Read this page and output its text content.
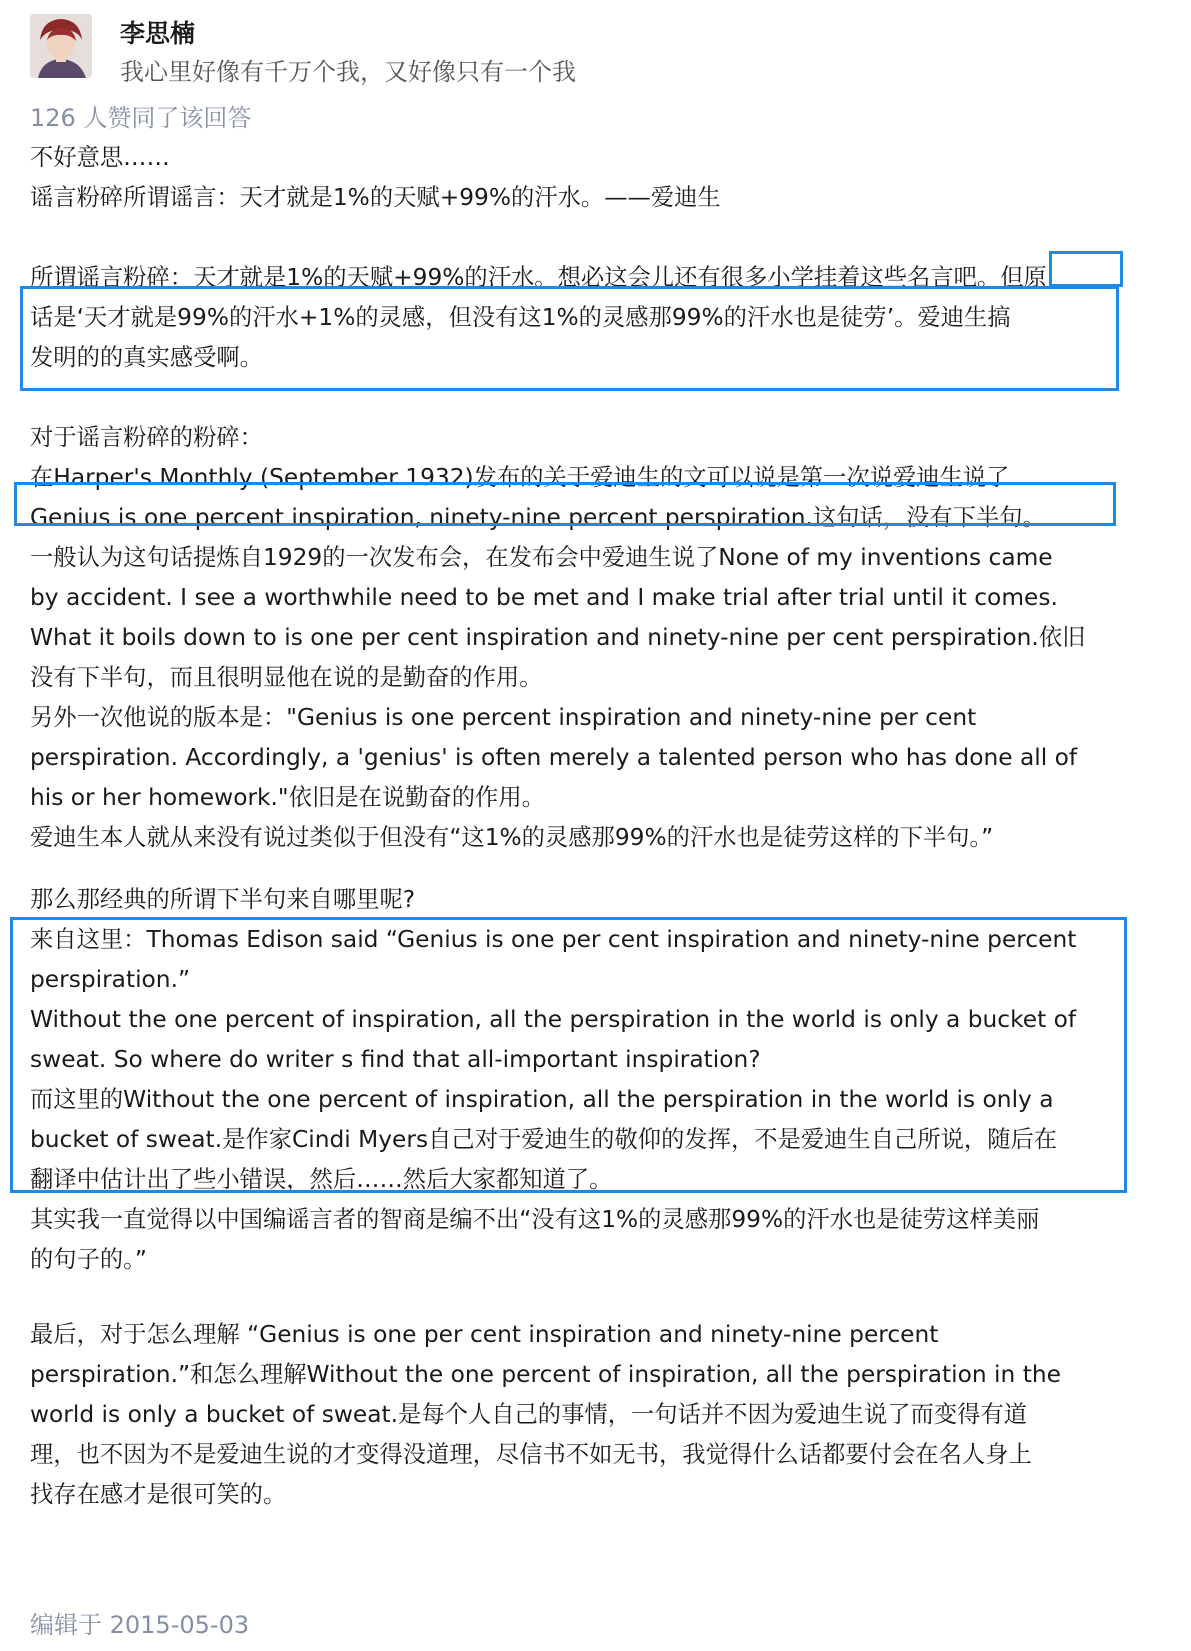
李思楠
我心里好像有千万个我，又好像只有一个我
126 人赞同了该回答
不好意思……
谣言粉碎所谓谣言：天才就是1%的天赋+99%的汗水。——爱迪生
所谓谣言粉碎：天才就是1%的天赋+99%的汗水。想必这会儿还有很多小学挂着这些名言吧。但原
话是‘天才就是99%的汗水+1%的灵感，但没有这1%的灵感那99%的汗水也是徒劳’。爱迪生搞
发明的的真实感受啊。
对于谣言粉碎的粉碎：
在Harper's Monthly (September 1932)发布的关于爱迪生的文可以说是第一次说爱迪生说了
Genius is one percent inspiration, ninety-nine percent perspiration.这句话，没有下半句。
一般认为这句话提炼自1929的一次发布会，在发布会中爱迪生说了None of my inventions came
by accident. I see a worthwhile need to be met and I make trial after trial until it comes.
What it boils down to is one per cent inspiration and ninety-nine per cent perspiration.依旧
没有下半句，而且很明显他在说的是勤奋的作用。
另外一次他说的版本是："Genius is one percent inspiration and ninety-nine per cent
perspiration. Accordingly, a 'genius' is often merely a talented person who has done all of
his or her homework."依旧是在说勤奋的作用。
爱迪生本人就从来没有说过类似于但没有“这1%的灵感那99%的汗水也是徒劳这样的下半句。”
那么那经典的所谓下半句来自哪里呢?
来自这里：Thomas Edison said “Genius is one per cent inspiration and ninety-nine percent
perspiration.”
Without the one percent of inspiration, all the perspiration in the world is only a bucket of
sweat. So where do writer s find that all-important inspiration?
而这里的Without the one percent of inspiration, all the perspiration in the world is only a
bucket of sweat.是作家Cindi Myers自己对于爱迪生的敬仰的发挥，不是爱迪生自己所说，随后在
翻译中估计出了些小错误，然后……然后大家都知道了。
其实我一直觉得以中国编谣言者的智商是编不出“没有这1%的灵感那99%的汗水也是徒劳这样美丽
的句子的。”
最后，对于怎么理解 “Genius is one per cent inspiration and ninety-nine percent
perspiration.”和怎么理解Without the one percent of inspiration, all the perspiration in the
world is only a bucket of sweat.是每个人自己的事情，一句话并不因为爱迪生说了而变得有道
理，也不因为不是爱迪生说的才变得没道理，尽信书不如无书，我觉得什么话都要付会在名人身上
找存在感才是很可笑的。
编辑于 2015-05-03
